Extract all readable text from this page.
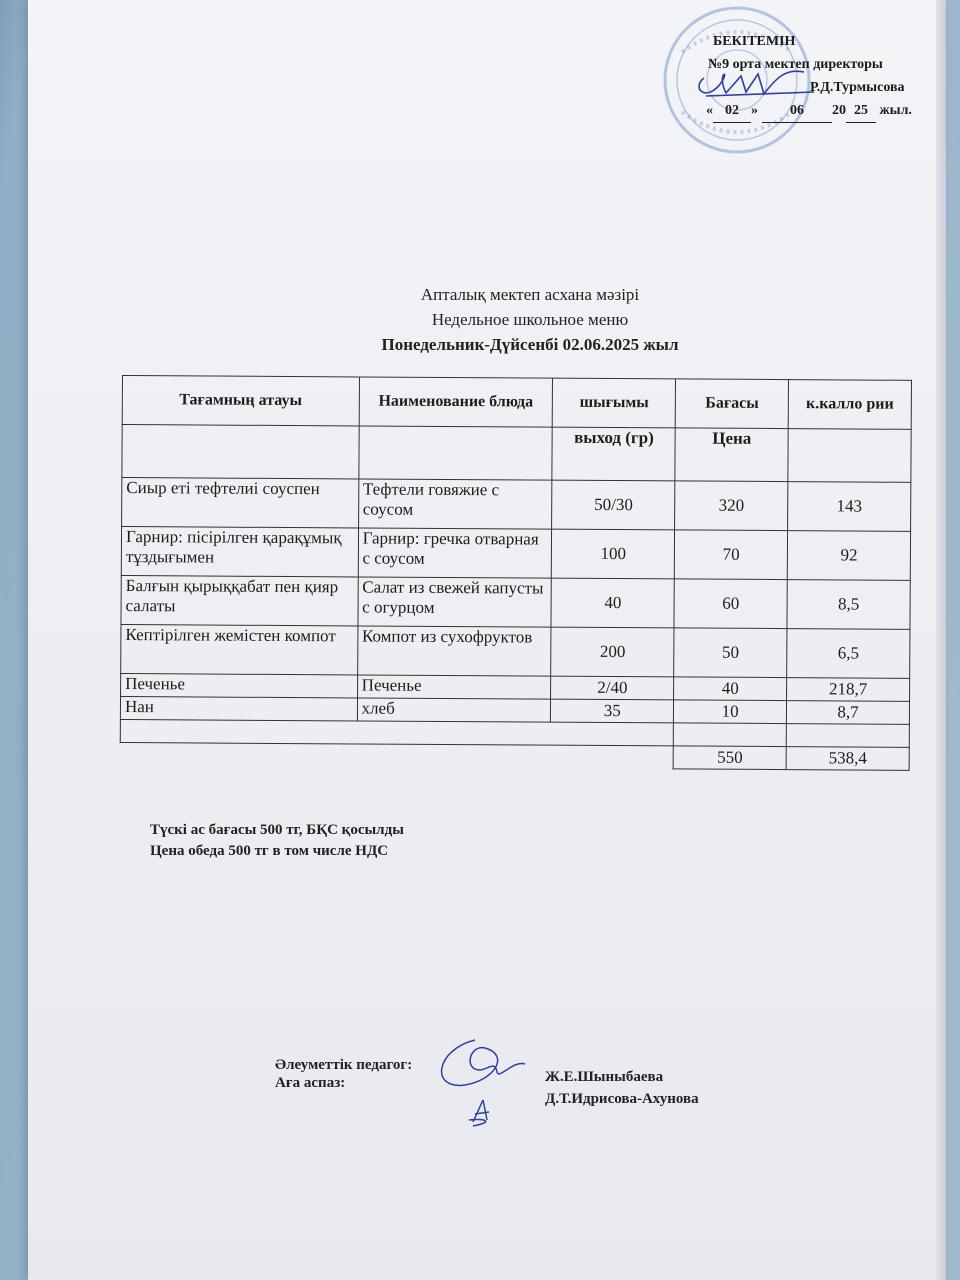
БЕКІТЕМІН
№9 орта мектеп директоры
Р.Д.Турмысова
« 02 » 06 20 25 жыл.
Апталық мектеп асхана мәзірі
Недельное школьное меню
Понедельник-Дүйсенбі 02.06.2025 жыл
Тағамның атауы	Наименование блюда	шығымы	Бағасы	к.калло рии
		выход (гр)	Цена	
Сиыр еті тефтелиі соуспен	Тефтели говяжие с соусом	50/30	320	143
Гарнир: пісірілген қарақұмық тұздығымен	Гарнир: гречка отварная с соусом	100	70	92
Балғын қырыққабат пен қияр салаты	Салат из свежей капусты с огурцом	40	60	8,5
Кептірілген жемістен компот	Компот из сухофруктов	200	50	6,5
Печенье	Печенье	2/40	40	218,7
Нан	хлеб	35	10	8,7

			550	538,4
Түскі ас бағасы 500 тг, БҚС қосылды
Цена обеда 500 тг в том числе НДС
Әлеуметтік педагог:
Аға аспаз:	Ж.Е.Шыныбаева
Д.Т.Идрисова-Ахунова
